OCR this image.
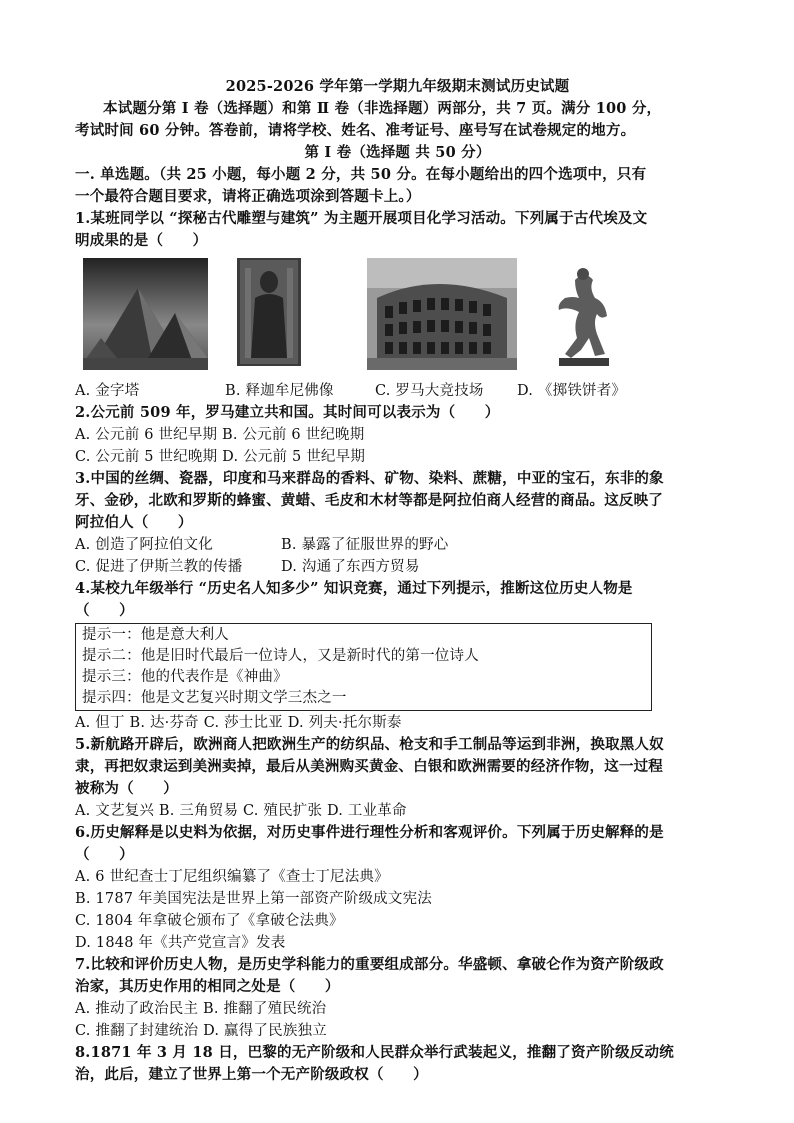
2025-2026 学年第一学期九年级期末测试历史试题
本试题分第 Ⅰ 卷（选择题）和第 Ⅱ 卷（非选择题）两部分，共 7 页。满分 100 分，
考试时间 60 分钟。答卷前，请将学校、姓名、准考证号、座号写在试卷规定的地方。
第 Ⅰ 卷（选择题 共 50 分）
一. 单选题。（共 25 小题，每小题 2 分，共 50 分。在每小题给出的四个选项中，只有
一个最符合题目要求，请将正确选项涂到答题卡上。）
1.某班同学以 “探秘古代雕塑与建筑” 为主题开展项目化学习活动。下列属于古代埃及文
明成果的是（　　）
A. 金字塔	B. 释迦牟尼佛像	C. 罗马大竞技场 D. 《掷铁饼者》
2.公元前 509 年，罗马建立共和国。其时间可以表示为（　　）
A. 公元前 6 世纪早期 B. 公元前 6 世纪晚期
C. 公元前 5 世纪晚期 D. 公元前 5 世纪早期
3.中国的丝绸、瓷器，印度和马来群岛的香料、矿物、染料、蔗糖，中亚的宝石，东非的象
牙、金砂，北欧和罗斯的蜂蜜、黄蜡、毛皮和木材等都是阿拉伯商人经营的商品。这反映了
阿拉伯人（　　）
A. 创造了阿拉伯文化	B. 暴露了征服世界的野心
C. 促进了伊斯兰教的传播	D. 沟通了东西方贸易
4.某校九年级举行 “历史名人知多少” 知识竞赛，通过下列提示，推断这位历史人物是
（　　）
提示一：他是意大利人
提示二：他是旧时代最后一位诗人，又是新时代的第一位诗人
提示三：他的代表作是《神曲》
提示四：他是文艺复兴时期文学三杰之一
A. 但丁 B. 达·芬奇 C. 莎士比亚 D. 列夫·托尔斯泰
5.新航路开辟后，欧洲商人把欧洲生产的纺织品、枪支和手工制品等运到非洲，换取黑人奴
隶，再把奴隶运到美洲卖掉，最后从美洲购买黄金、白银和欧洲需要的经济作物，这一过程
被称为（　　）
A. 文艺复兴 B. 三角贸易 C. 殖民扩张 D. 工业革命
6.历史解释是以史料为依据，对历史事件进行理性分析和客观评价。下列属于历史解释的是
（　　）
A. 6 世纪查士丁尼组织编纂了《查士丁尼法典》
B. 1787 年美国宪法是世界上第一部资产阶级成文宪法
C. 1804 年拿破仑颁布了《拿破仑法典》
D. 1848 年《共产党宣言》发表
7.比较和评价历史人物，是历史学科能力的重要组成部分。华盛顿、拿破仑作为资产阶级政
治家，其历史作用的相同之处是（　　）
A. 推动了政治民主 B. 推翻了殖民统治
C. 推翻了封建统治 D. 赢得了民族独立
8.1871 年 3 月 18 日，巴黎的无产阶级和人民群众举行武装起义，推翻了资产阶级反动统
治，此后，建立了世界上第一个无产阶级政权（　　）
